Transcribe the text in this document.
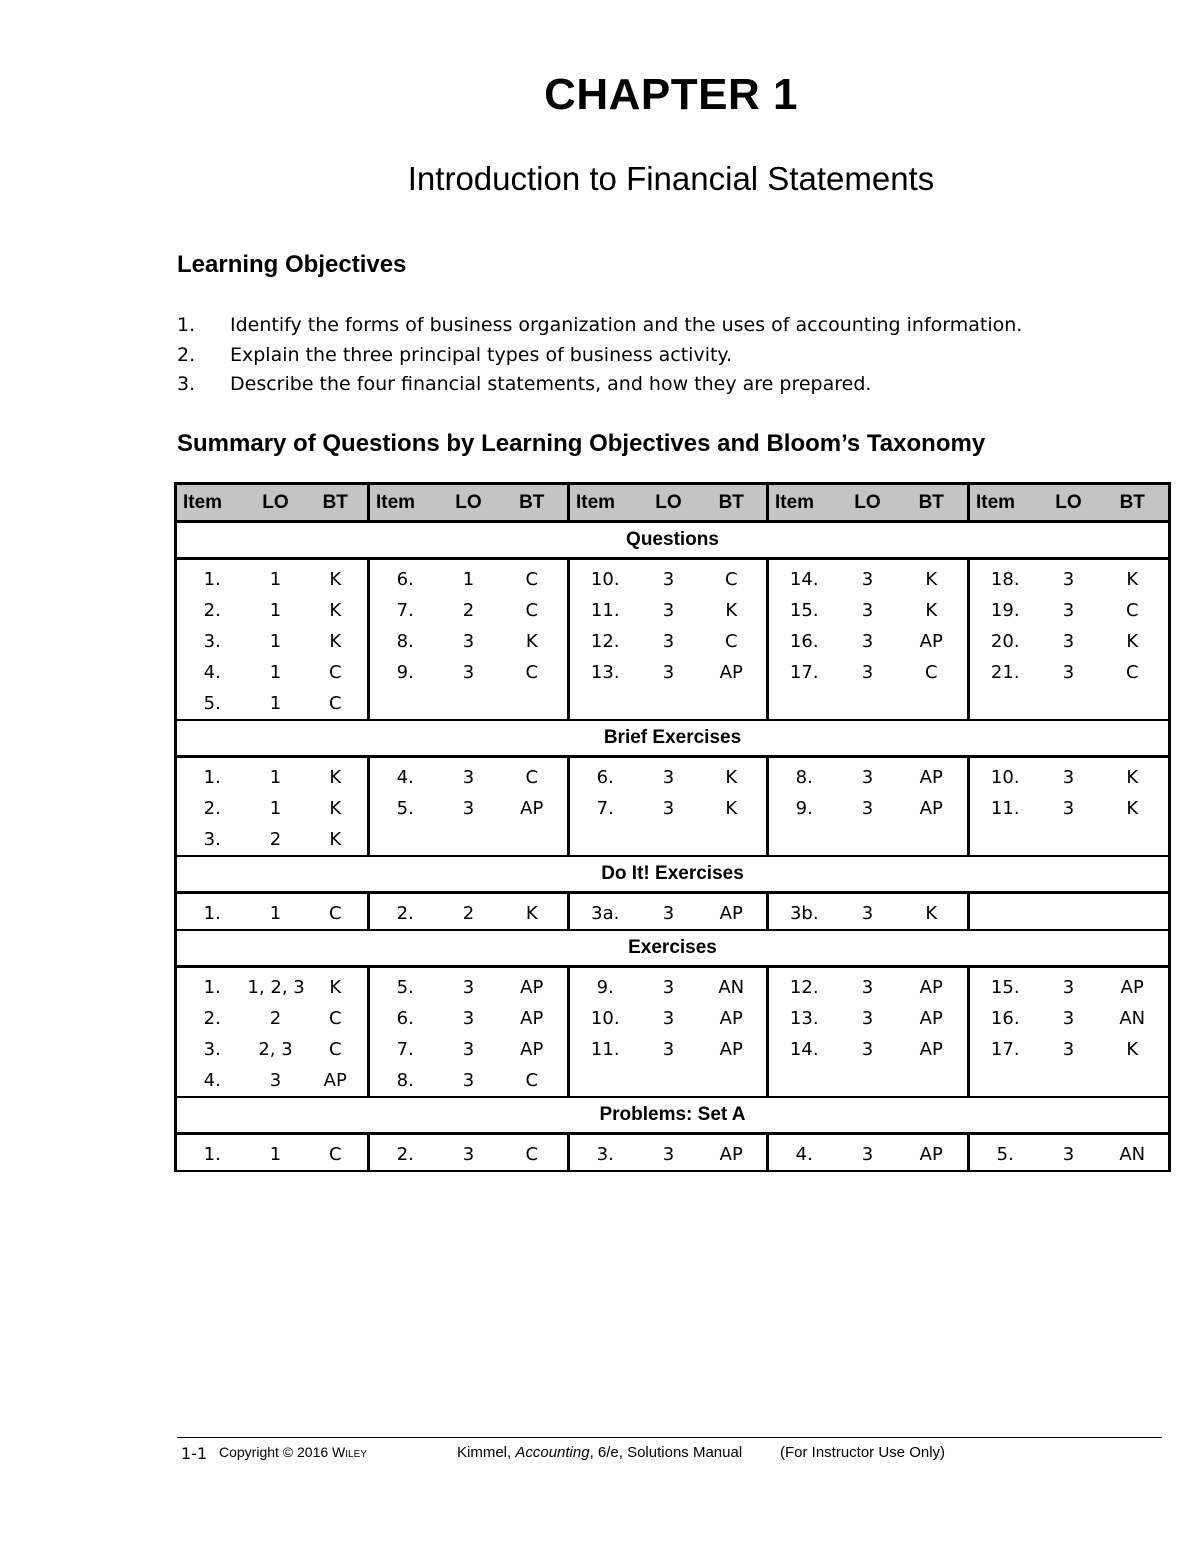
CHAPTER 1
Introduction to Financial Statements
Learning Objectives
1. Identify the forms of business organization and the uses of accounting information.
2. Explain the three principal types of business activity.
3. Describe the four financial statements, and how they are prepared.
Summary of Questions by Learning Objectives and Bloom’s Taxonomy
Item	LO	BT	Item	LO	BT	Item	LO	BT	Item	LO	BT	Item	LO	BT
Questions														
1.	1	K	6.	1	C	10.	3	C	14.	3	K	18.	3	K
2.	1	K	7.	2	C	11.	3	K	15.	3	K	19.	3	C
3.	1	K	8.	3	K	12.	3	C	16.	3	AP	20.	3	K
4.	1	C	9.	3	C	13.	3	AP	17.	3	C	21.	3	C
5.	1	C												
Brief Exercises														
1.	1	K	4.	3	C	6.	3	K	8.	3	AP	10.	3	K
2.	1	K	5.	3	AP	7.	3	K	9.	3	AP	11.	3	K
3.	2	K												
Do It! Exercises														
1.	1	C	2.	2	K	3a.	3	AP	3b.	3	K			
Exercises														
1.	1, 2, 3	K	5.	3	AP	9.	3	AN	12.	3	AP	15.	3	AP
2.	2	C	6.	3	AP	10.	3	AP	13.	3	AP	16.	3	AN
3.	2, 3	C	7.	3	AP	11.	3	AP	14.	3	AP	17.	3	K
4.	3	AP	8.	3	C									
Problems: Set A														
1.	1	C	2.	3	C	3.	3	AP	4.	3	AP	5.	3	AN
1-1 Copyright © 2016 Wiley	Kimmel, Accounting, 6/e, Solutions Manual	(For Instructor Use Only)
